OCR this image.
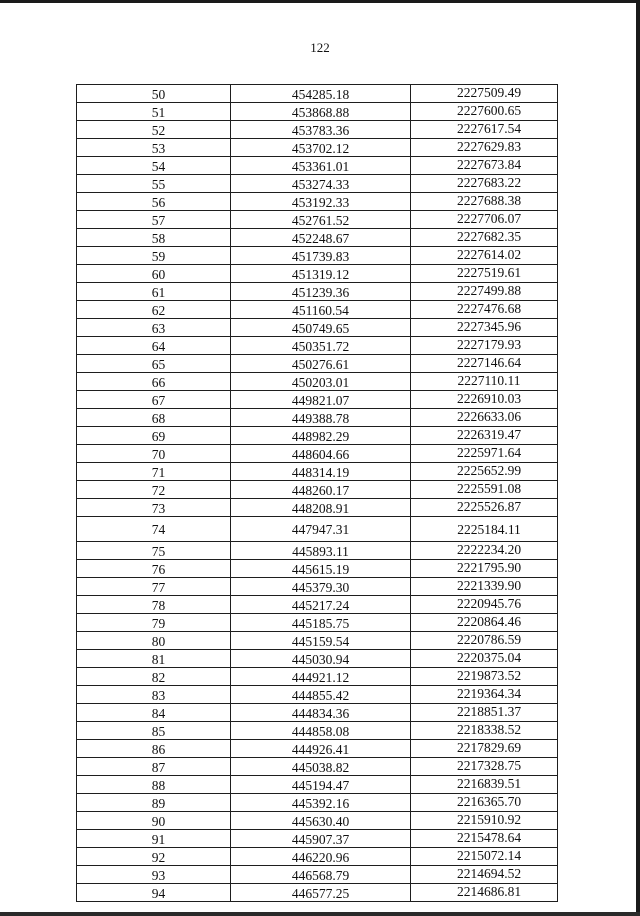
122
50	454285.18	2227509.49
51	453868.88	2227600.65
52	453783.36	2227617.54
53	453702.12	2227629.83
54	453361.01	2227673.84
55	453274.33	2227683.22
56	453192.33	2227688.38
57	452761.52	2227706.07
58	452248.67	2227682.35
59	451739.83	2227614.02
60	451319.12	2227519.61
61	451239.36	2227499.88
62	451160.54	2227476.68
63	450749.65	2227345.96
64	450351.72	2227179.93
65	450276.61	2227146.64
66	450203.01	2227110.11
67	449821.07	2226910.03
68	449388.78	2226633.06
69	448982.29	2226319.47
70	448604.66	2225971.64
71	448314.19	2225652.99
72	448260.17	2225591.08
73	448208.91	2225526.87
74	447947.31	2225184.11
75	445893.11	2222234.20
76	445615.19	2221795.90
77	445379.30	2221339.90
78	445217.24	2220945.76
79	445185.75	2220864.46
80	445159.54	2220786.59
81	445030.94	2220375.04
82	444921.12	2219873.52
83	444855.42	2219364.34
84	444834.36	2218851.37
85	444858.08	2218338.52
86	444926.41	2217829.69
87	445038.82	2217328.75
88	445194.47	2216839.51
89	445392.16	2216365.70
90	445630.40	2215910.92
91	445907.37	2215478.64
92	446220.96	2215072.14
93	446568.79	2214694.52
94	446577.25	2214686.81
